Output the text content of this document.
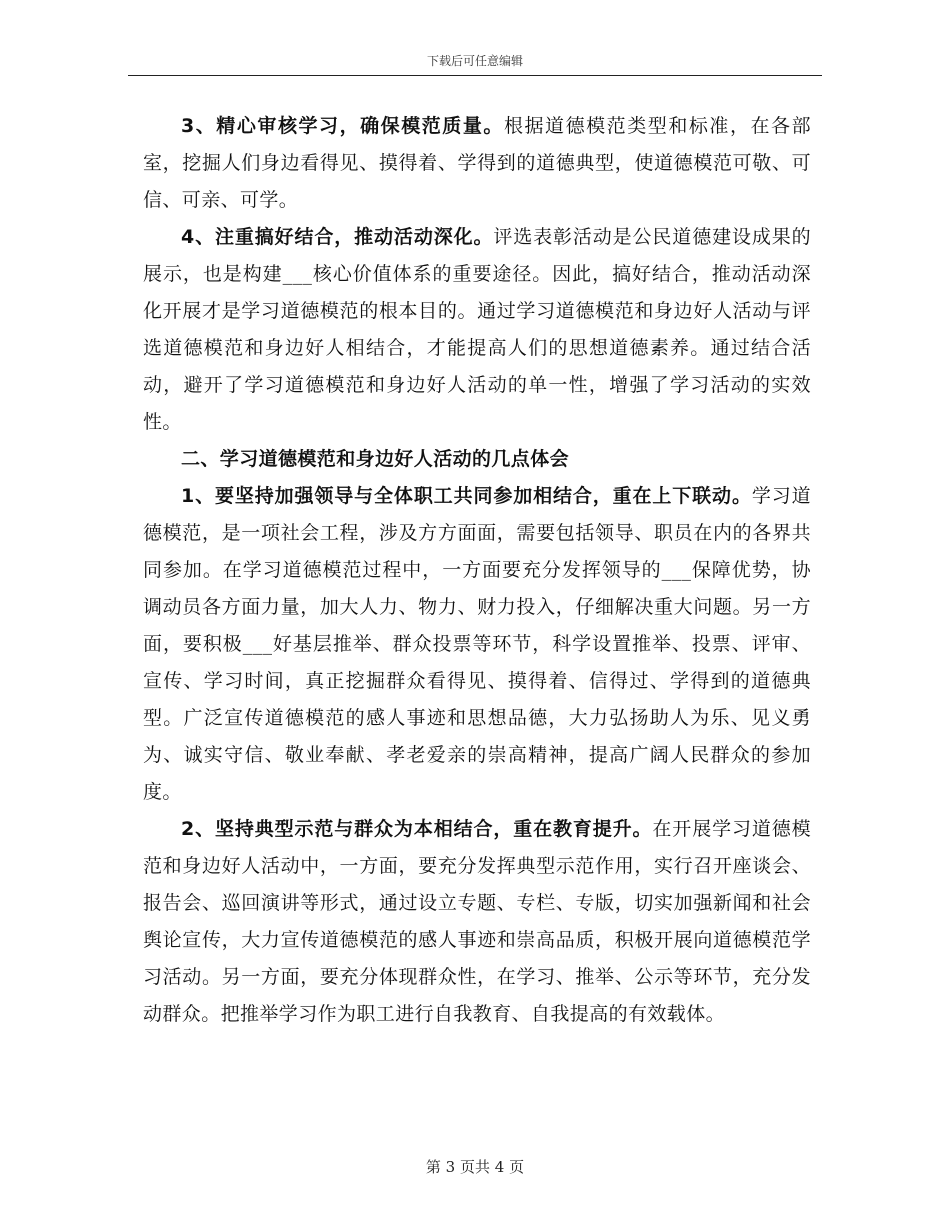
下载后可任意编辑

3、精心审核学习，确保模范质量。根据道德模范类型和标准，在各部室，挖掘人们身边看得见、摸得着、学得到的道德典型，使道德模范可敬、可信、可亲、可学。

4、注重搞好结合，推动活动深化。评选表彰活动是公民道德建设成果的展示，也是构建___核心价值体系的重要途径。因此，搞好结合，推动活动深化开展才是学习道德模范的根本目的。通过学习道德模范和身边好人活动与评选道德模范和身边好人相结合，才能提高人们的思想道德素养。通过结合活动，避开了学习道德模范和身边好人活动的单一性，增强了学习活动的实效性。

二、学习道德模范和身边好人活动的几点体会

1、要坚持加强领导与全体职工共同参加相结合，重在上下联动。学习道德模范，是一项社会工程，涉及方方面面，需要包括领导、职员在内的各界共同参加。在学习道德模范过程中，一方面要充分发挥领导的___保障优势，协调动员各方面力量，加大人力、物力、财力投入，仔细解决重大问题。另一方面，要积极___好基层推举、群众投票等环节，科学设置推举、投票、评审、宣传、学习时间，真正挖掘群众看得见、摸得着、信得过、学得到的道德典型。广泛宣传道德模范的感人事迹和思想品德，大力弘扬助人为乐、见义勇为、诚实守信、敬业奉献、孝老爱亲的崇高精神，提高广阔人民群众的参加度。

2、坚持典型示范与群众为本相结合，重在教育提升。在开展学习道德模范和身边好人活动中，一方面，要充分发挥典型示范作用，实行召开座谈会、报告会、巡回演讲等形式，通过设立专题、专栏、专版，切实加强新闻和社会舆论宣传，大力宣传道德模范的感人事迹和崇高品质，积极开展向道德模范学习活动。另一方面，要充分体现群众性，在学习、推举、公示等环节，充分发动群众。把推举学习作为职工进行自我教育、自我提高的有效载体。

第 3 页共 4 页
